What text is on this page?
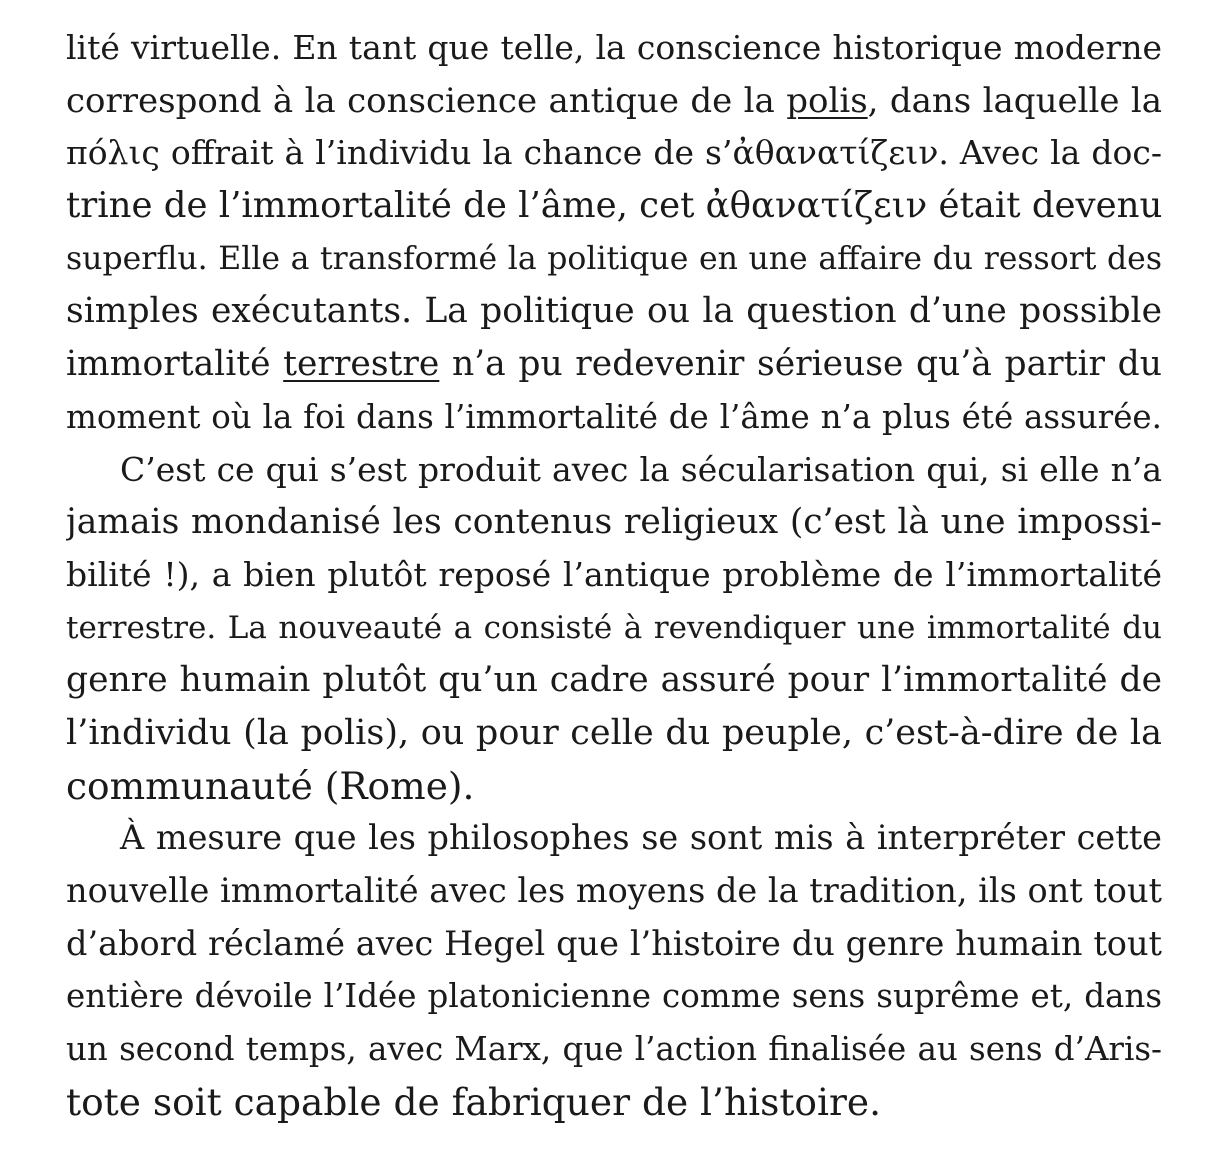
lité virtuelle. En tant que telle, la conscience historique moderne
correspond à la conscience antique de la polis, dans laquelle la
πόλις offrait à l’individu la chance de s’ἀθανατίζειν. Avec la doc-
trine de l’immortalité de l’âme, cet ἀθανατίζειν était devenu
superflu. Elle a transformé la politique en une affaire du ressort des
simples exécutants. La politique ou la question d’une possible
immortalité terrestre n’a pu redevenir sérieuse qu’à partir du
moment où la foi dans l’immortalité de l’âme n’a plus été assurée.
C’est ce qui s’est produit avec la sécularisation qui, si elle n’a
jamais mondanisé les contenus religieux (c’est là une impossi-
bilité !), a bien plutôt reposé l’antique problème de l’immortalité
terrestre. La nouveauté a consisté à revendiquer une immortalité du
genre humain plutôt qu’un cadre assuré pour l’immortalité de
l’individu (la polis), ou pour celle du peuple, c’est-à-dire de la
communauté (Rome).
À mesure que les philosophes se sont mis à interpréter cette
nouvelle immortalité avec les moyens de la tradition, ils ont tout
d’abord réclamé avec Hegel que l’histoire du genre humain tout
entière dévoile l’Idée platonicienne comme sens suprême et, dans
un second temps, avec Marx, que l’action finalisée au sens d’Aris-
tote soit capable de fabriquer de l’histoire.
